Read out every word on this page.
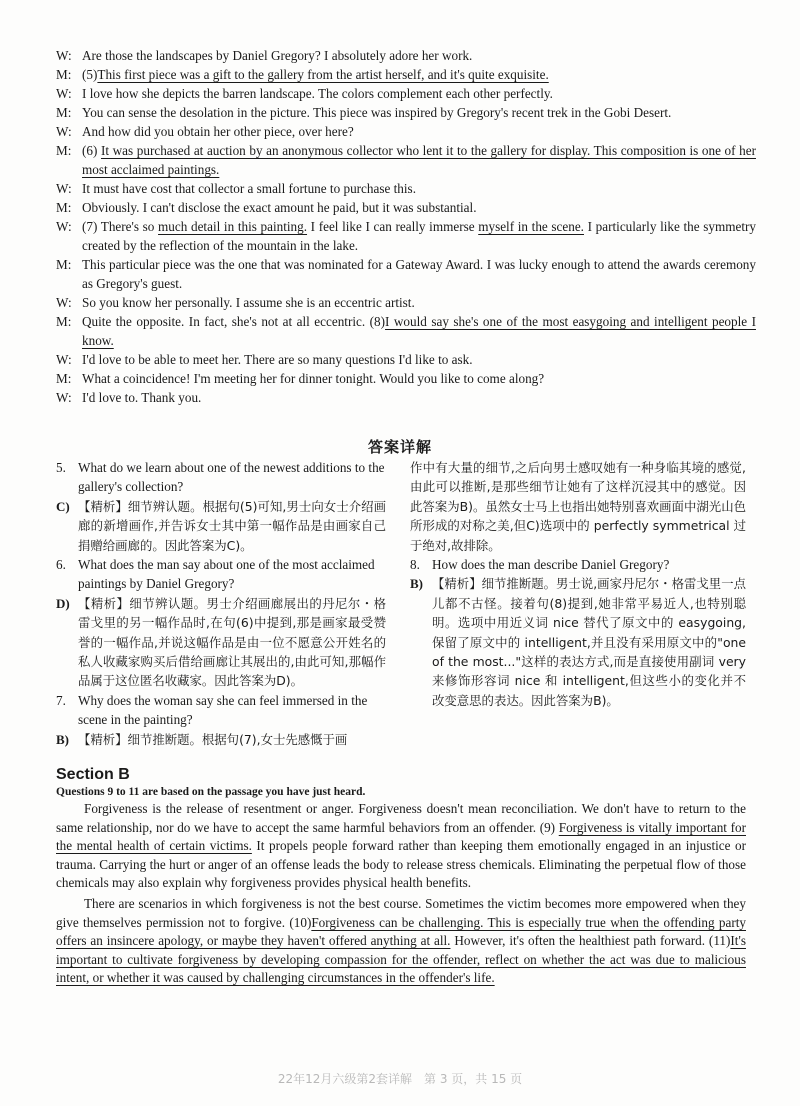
W: Are those the landscapes by Daniel Gregory? I absolutely adore her work.
M: (5)This first piece was a gift to the gallery from the artist herself, and it's quite exquisite.
W: I love how she depicts the barren landscape. The colors complement each other perfectly.
M: You can sense the desolation in the picture. This piece was inspired by Gregory's recent trek in the Gobi Desert.
W: And how did you obtain her other piece, over here?
M: (6) It was purchased at auction by an anonymous collector who lent it to the gallery for display. This composition is one of her most acclaimed paintings.
W: It must have cost that collector a small fortune to purchase this.
M: Obviously. I can't disclose the exact amount he paid, but it was substantial.
W: (7) There's so much detail in this painting. I feel like I can really immerse myself in the scene. I particularly like the symmetry created by the reflection of the mountain in the lake.
M: This particular piece was the one that was nominated for a Gateway Award. I was lucky enough to attend the awards ceremony as Gregory's guest.
W: So you know her personally. I assume she is an eccentric artist.
M: Quite the opposite. In fact, she's not at all eccentric. (8)I would say she's one of the most easygoing and intelligent people I know.
W: I'd love to be able to meet her. There are so many questions I'd like to ask.
M: What a coincidence! I'm meeting her for dinner tonight. Would you like to come along?
W: I'd love to. Thank you.
答案详解
5. What do we learn about one of the newest additions to the gallery's collection?
C) 【精析】细节辨认题。根据句(5)可知,男士向女士介绍画廊的新增画作,并告诉女士其中第一幅作品是由画家自己捐赠给画廊的。因此答案为C)。
6. What does the man say about one of the most acclaimed paintings by Daniel Gregory?
D) 【精析】细节辨认题。男士介绍画廊展出的丹尼尔・格雷戈里的另一幅作品时,在句(6)中提到,那是画家最受赞誉的一幅作品,并说这幅作品是由一位不愿意公开姓名的私人收藏家购买后借给画廊让其展出的,由此可知,那幅作品属于这位匿名收藏家。因此答案为D)。
7. Why does the woman say she can feel immersed in the scene in the painting?
B) 【精析】细节推断题。根据句(7),女士先感慨于画
作中有大量的细节,之后向男士感叹她有一种身临其境的感觉,由此可以推断,是那些细节让她有了这样沉浸其中的感觉。因此答案为B)。虽然女士马上也指出她特别喜欢画面中湖光山色所形成的对称之美,但C)选项中的 perfectly symmetrical 过于绝对,故排除。
8. How does the man describe Daniel Gregory?
B) 【精析】细节推断题。男士说,画家丹尼尔・格雷戈里一点儿都不古怪。接着句(8)提到,她非常平易近人,也特别聪明。选项中用近义词 nice 替代了原文中的 easygoing,保留了原文中的 intelligent,并且没有采用原文中的"one of the most..."这样的表达方式,而是直接使用副词 very 来修饰形容词 nice 和 intelligent,但这些小的变化并不改变意思的表达。因此答案为B)。
Section B
Questions 9 to 11 are based on the passage you have just heard.
Forgiveness is the release of resentment or anger. Forgiveness doesn't mean reconciliation. We don't have to return to the same relationship, nor do we have to accept the same harmful behaviors from an offender. (9) Forgiveness is vitally important for the mental health of certain victims. It propels people forward rather than keeping them emotionally engaged in an injustice or trauma. Carrying the hurt or anger of an offense leads the body to release stress chemicals. Eliminating the perpetual flow of those chemicals may also explain why forgiveness provides physical health benefits.
There are scenarios in which forgiveness is not the best course. Sometimes the victim becomes more empowered when they give themselves permission not to forgive. (10)Forgiveness can be challenging. This is especially true when the offending party offers an insincere apology, or maybe they haven't offered anything at all. However, it's often the healthiest path forward. (11)It's important to cultivate forgiveness by developing compassion for the offender, reflect on whether the act was due to malicious intent, or whether it was caused by challenging circumstances in the offender's life.
22年12月六级第2套详解　第 3 页，共 15 页
